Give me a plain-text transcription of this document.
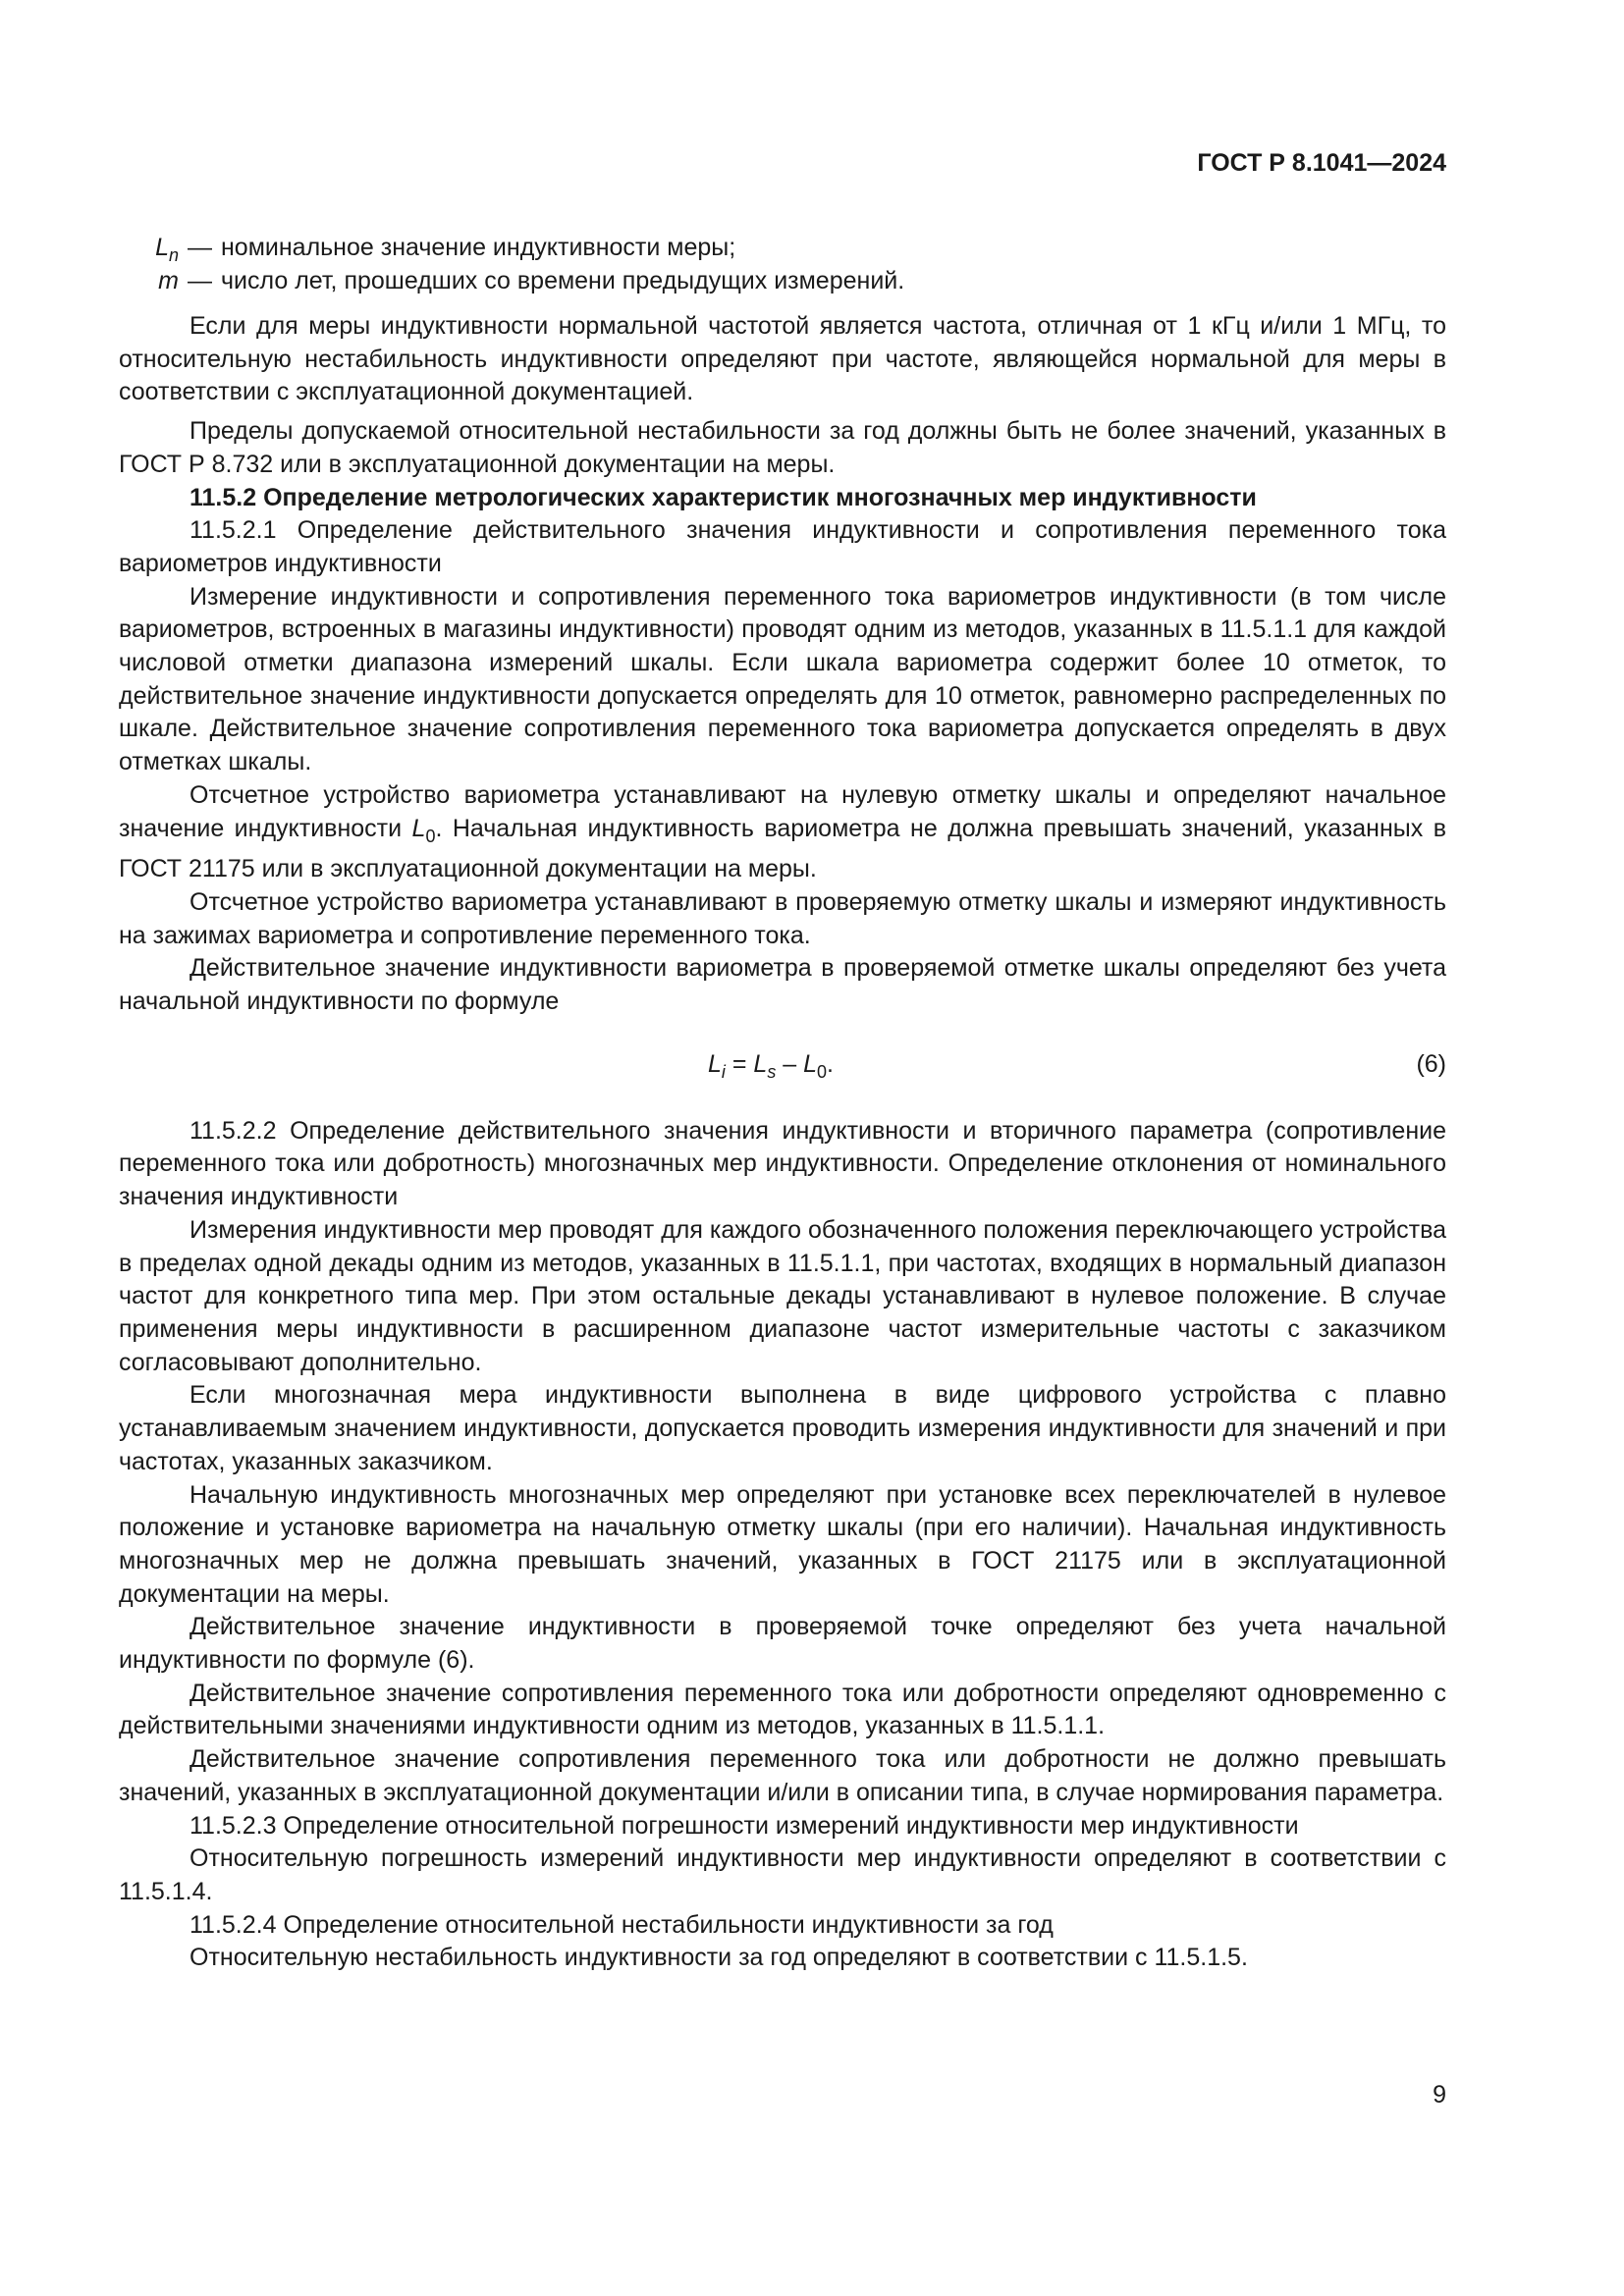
ГОСТ Р 8.1041—2024
$L_n$ — номинальное значение индуктивности меры;
m — число лет, прошедших со времени предыдущих измерений.

Если для меры индуктивности нормальной частотой является частота, отличная от 1 кГц и/или 1 МГц, то относительную нестабильность индуктивности определяют при частоте, являющейся нормальной для меры в соответствии с эксплуатационной документацией.

Пределы допускаемой относительной нестабильности за год должны быть не более значений, указанных в ГОСТ Р 8.732 или в эксплуатационной документации на меры.

11.5.2 Определение метрологических характеристик многозначных мер индуктивности

11.5.2.1 Определение действительного значения индуктивности и сопротивления переменного тока вариометров индуктивности

Измерение индуктивности и сопротивления переменного тока вариометров индуктивности (в том числе вариометров, встроенных в магазины индуктивности) проводят одним из методов, указанных в 11.5.1.1 для каждой числовой отметки диапазона измерений шкалы. Если шкала вариометра содержит более 10 отметок, то действительное значение индуктивности допускается определять для 10 отметок, равномерно распределенных по шкале. Действительное значение сопротивления переменного тока вариометра допускается определять в двух отметках шкалы.

Отсчетное устройство вариометра устанавливают на нулевую отметку шкалы и определяют начальное значение индуктивности $L_0$. Начальная индуктивность вариометра не должна превышать значений, указанных в ГОСТ 21175 или в эксплуатационной документации на меры.

Отсчетное устройство вариометра устанавливают в проверяемую отметку шкалы и измеряют индуктивность на зажимах вариометра и сопротивление переменного тока.

Действительное значение индуктивности вариометра в проверяемой отметке шкалы определяют без учета начальной индуктивности по формуле

$L_i = L_s - L_0$.	(6)

11.5.2.2 Определение действительного значения индуктивности и вторичного параметра (сопротивление переменного тока или добротность) многозначных мер индуктивности. Определение отклонения от номинального значения индуктивности

Измерения индуктивности мер проводят для каждого обозначенного положения переключающего устройства в пределах одной декады одним из методов, указанных в 11.5.1.1, при частотах, входящих в нормальный диапазон частот для конкретного типа мер. При этом остальные декады устанавливают в нулевое положение. В случае применения меры индуктивности в расширенном диапазоне частот измерительные частоты с заказчиком согласовывают дополнительно.

Если многозначная мера индуктивности выполнена в виде цифрового устройства с плавно устанавливаемым значением индуктивности, допускается проводить измерения индуктивности для значений и при частотах, указанных заказчиком.

Начальную индуктивность многозначных мер определяют при установке всех переключателей в нулевое положение и установке вариометра на начальную отметку шкалы (при его наличии). Начальная индуктивность многозначных мер не должна превышать значений, указанных в ГОСТ 21175 или в эксплуатационной документации на меры.

Действительное значение индуктивности в проверяемой точке определяют без учета начальной индуктивности по формуле (6).

Действительное значение сопротивления переменного тока или добротности определяют одновременно с действительными значениями индуктивности одним из методов, указанных в 11.5.1.1.

Действительное значение сопротивления переменного тока или добротности не должно превышать значений, указанных в эксплуатационной документации и/или в описании типа, в случае нормирования параметра.

11.5.2.3 Определение относительной погрешности измерений индуктивности мер индуктивности

Относительную погрешность измерений индуктивности мер индуктивности определяют в соответствии с 11.5.1.4.

11.5.2.4 Определение относительной нестабильности индуктивности за год

Относительную нестабильность индуктивности за год определяют в соответствии с 11.5.1.5.

9
